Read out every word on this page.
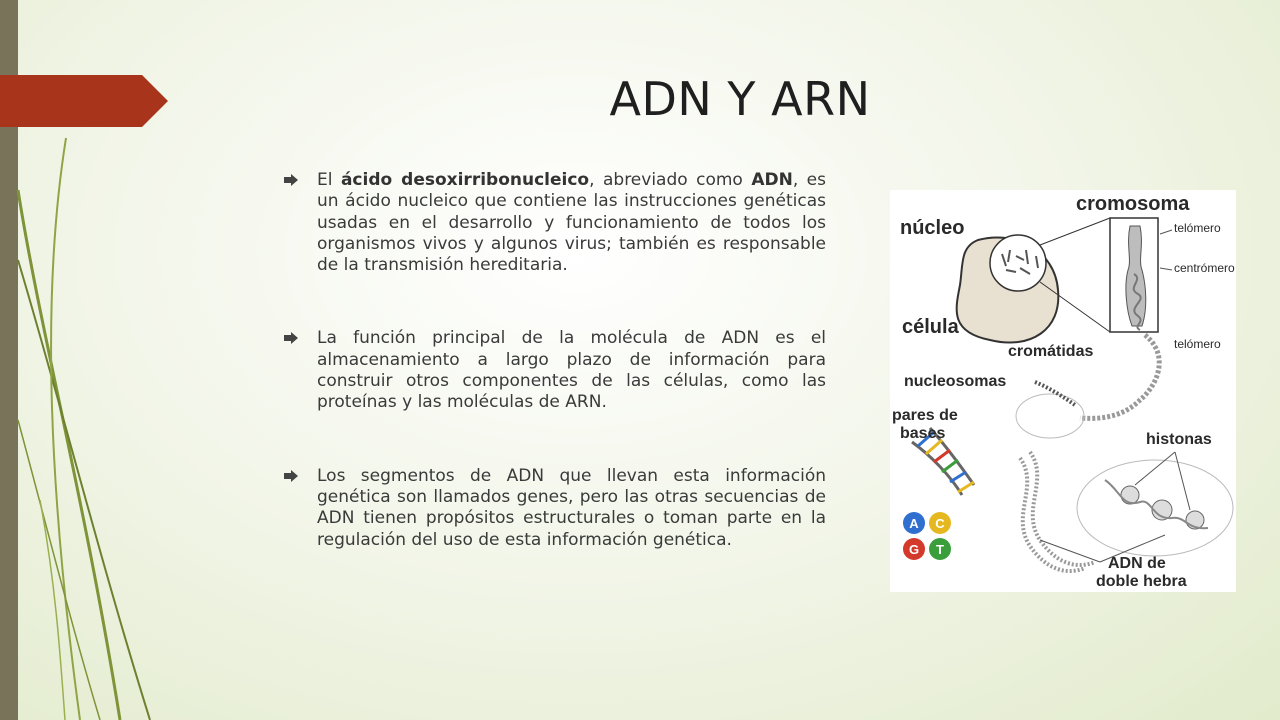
ADN Y ARN
El ácido desoxirribonucleico, abreviado como ADN, es un ácido nucleico que contiene las instrucciones genéticas usadas en el desarrollo y funcionamiento de todos los organismos vivos y algunos virus; también es responsable de la transmisión hereditaria.
La función principal de la molécula de ADN es el almacenamiento a largo plazo de información para construir otros componentes de las células, como las proteínas y las moléculas de ARN.
Los segmentos de ADN que llevan esta información genética son llamados genes, pero las otras secuencias de ADN tienen propósitos estructurales o toman parte en la regulación del uso de esta información genética.
A C
G T
cromosoma
núcleo	telómero
centrómero
célula
cromátidas	telómero
nucleosomas
pares de
bases	histonas
ADN de
doble hebra
